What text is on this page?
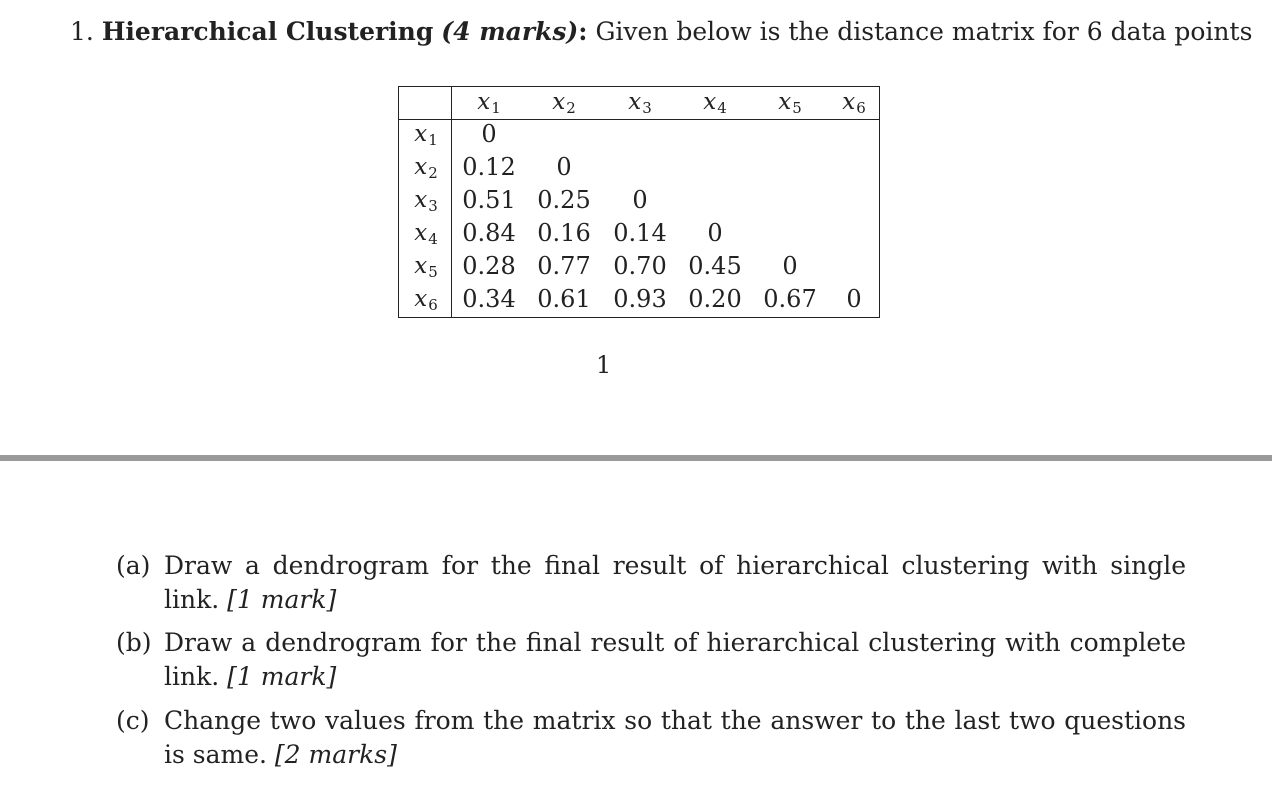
1. Hierarchical Clustering (4 marks): Given below is the distance matrix for 6 data points
$x_1$	$x_2$	$x_3$	$x_4$	$x_5$	$x_6$
$x_1$	0
$x_2$	0.12	0
$x_3$	0.51 0.25	0
$x_4$	0.84 0.16 0.14	0
$x_5$	0.28 0.77 0.70 0.45	0
$x_6$	0.34 0.61 0.93 0.20 0.67	0
1
(a) Draw a dendrogram for the final result of hierarchical clustering with single link. [1 mark]
(b) Draw a dendrogram for the final result of hierarchical clustering with complete link. [1 mark]
(c) Change two values from the matrix so that the answer to the last two questions is same. [2 marks]
